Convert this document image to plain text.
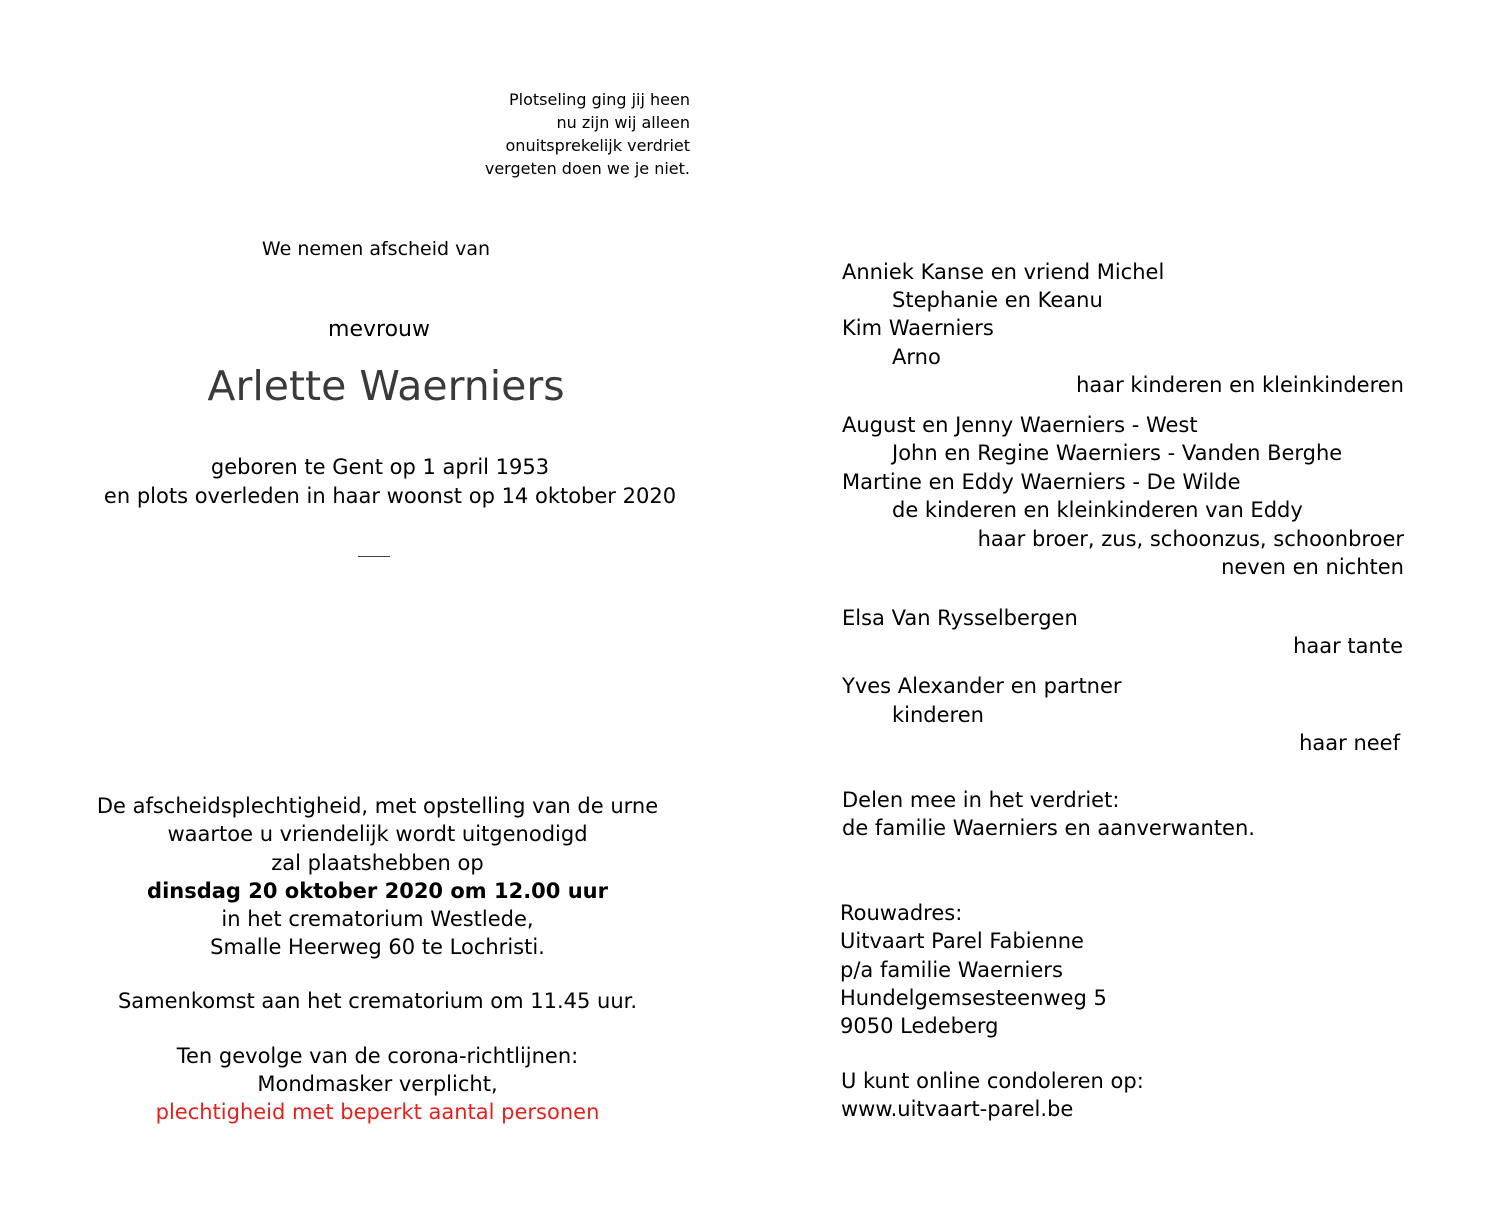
Plotseling ging jij heen

nu zijn wij alleen

onuitsprekelijk verdriet

vergeten doen we je niet.

We nemen afscheid van

mevrouw

Arlette Waerniers

geboren te Gent op 1 april 1953

en plots overleden in haar woonst op 14 oktober 2020

De afscheidsplechtigheid, met opstelling van de urne

waartoe u vriendelijk wordt uitgenodigd

zal plaatshebben op

dinsdag 20 oktober 2020 om 12.00 uur

in het crematorium Westlede,

Smalle Heerweg 60 te Lochristi.

Samenkomst aan het crematorium om 11.45 uur.

Ten gevolge van de corona-richtlijnen:

Mondmasker verplicht,

plechtigheid met beperkt aantal personen

Anniek Kanse en vriend Michel

Stephanie en Keanu

Kim Waerniers

Arno

haar kinderen en kleinkinderen

August en Jenny Waerniers - West

John en Regine Waerniers - Vanden Berghe

Martine en Eddy Waerniers - De Wilde

de kinderen en kleinkinderen van Eddy

haar broer, zus, schoonzus, schoonbroer

neven en nichten

Elsa Van Rysselbergen

haar tante

Yves Alexander en partner

kinderen

haar neef

Delen mee in het verdriet:

de familie Waerniers en aanverwanten.

Rouwadres:

Uitvaart Parel Fabienne

p/a familie Waerniers

Hundelgemsesteenweg 5

9050 Ledeberg

U kunt online condoleren op:

www.uitvaart-parel.be
